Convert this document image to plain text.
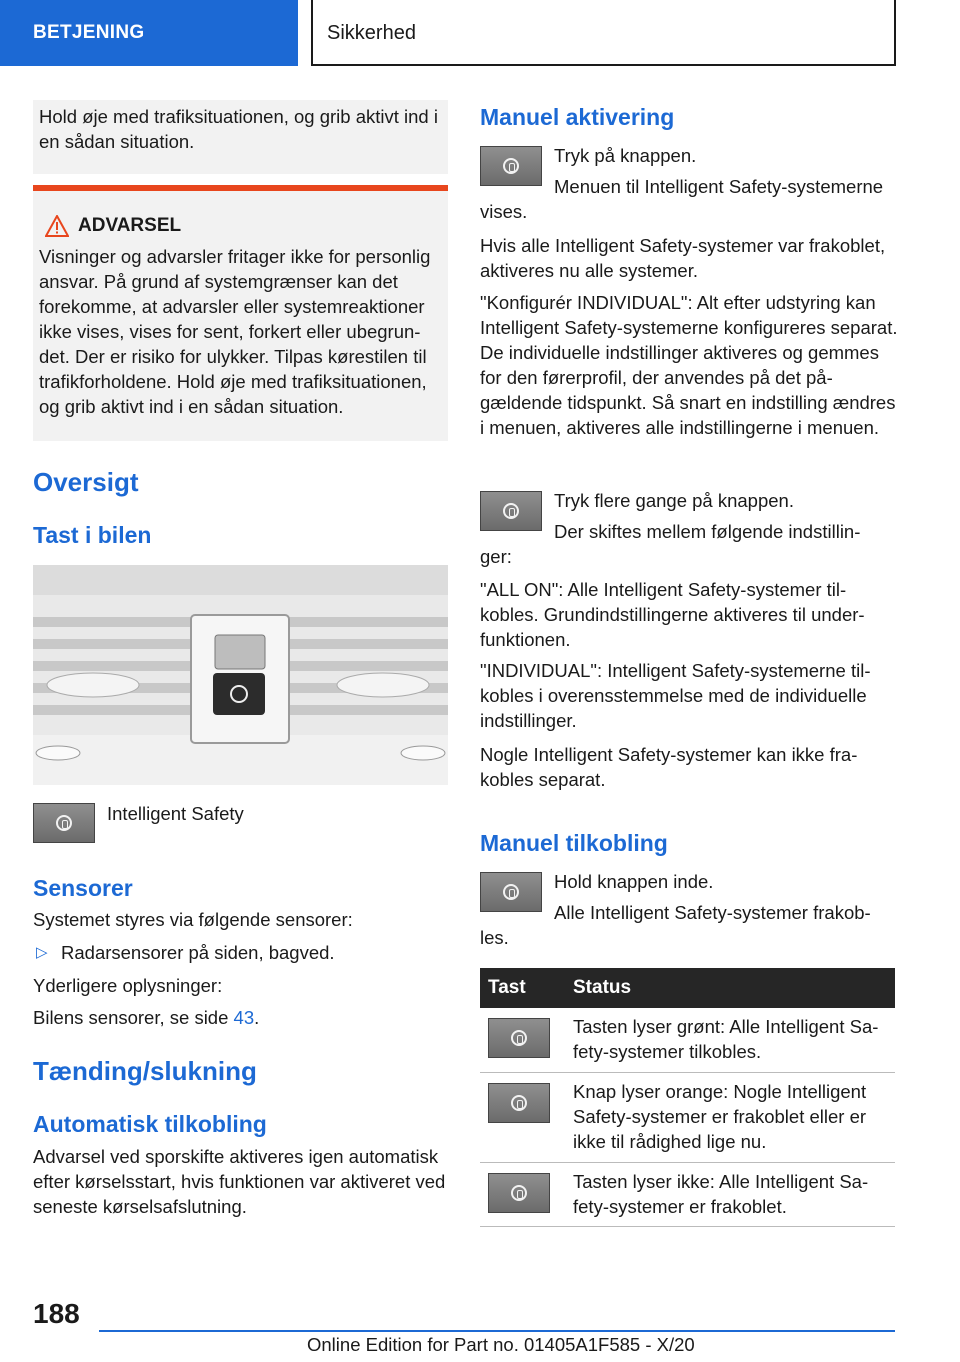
BETJENING	Sikkerhed

Hold øje med trafiksituationen, og grib aktivt ind i en sådan situation.

ADVARSEL

Visninger og advarsler fritager ikke for personlig ansvar. På grund af systemgrænser kan det forekomme, at advarsler eller systemreaktioner ikke vises, vises for sent, forkert eller ubegrundet. Der er risiko for ulykker. Tilpas kørestilen til trafikforholdene. Hold øje med trafiksituationen, og grib aktivt ind i en sådan situation.

Oversigt
Tast i bilen

Intelligent Safety

Sensorer

Systemet styres via følgende sensorer:

▷ Radarsensorer på siden, bagved.

Yderligere oplysninger:

Bilens sensorer, se side 43.

Tænding/slukning
Automatisk tilkobling

Advarsel ved sporskifte aktiveres igen automatisk efter kørselsstart, hvis funktionen var aktiveret ved seneste kørselsafslutning.

Manuel aktivering

Tryk på knappen.

Menuen til Intelligent Safety-systemerne vises.

Hvis alle Intelligent Safety-systemer var frakoblet, aktiveres nu alle systemer.

"Konfigurér INDIVIDUAL": Alt efter udstyring kan Intelligent Safety-systemerne konfigureres separat. De individuelle indstillinger aktiveres og gemmes for den førerprofil, der anvendes på det pågældende tidspunkt. Så snart en indstilling ændres i menuen, aktiveres alle indstillingerne i menuen.

Tryk flere gange på knappen.

Der skiftes mellem følgende indstillinger:

"ALL ON": Alle Intelligent Safety-systemer tilkobles. Grundindstillingerne aktiveres til underfunktionen.

"INDIVIDUAL": Intelligent Safety-systemerne tilkobles i overensstemmelse med de individuelle indstillinger.

Nogle Intelligent Safety-systemer kan ikke frakobles separat.

Manuel tilkobling

Hold knappen inde.

Alle Intelligent Safety-systemer frakobles.

Tast	Status

	Tasten lyser grønt: Alle Intelligent Safety-systemer tilkobles.

	Knap lyser orange: Nogle Intelligent Safety-systemer er frakoblet eller er ikke til rådighed lige nu.

	Tasten lyser ikke: Alle Intelligent Safety-systemer er frakoblet.
188
Online Edition for Part no. 01405A1F585 - X/20
